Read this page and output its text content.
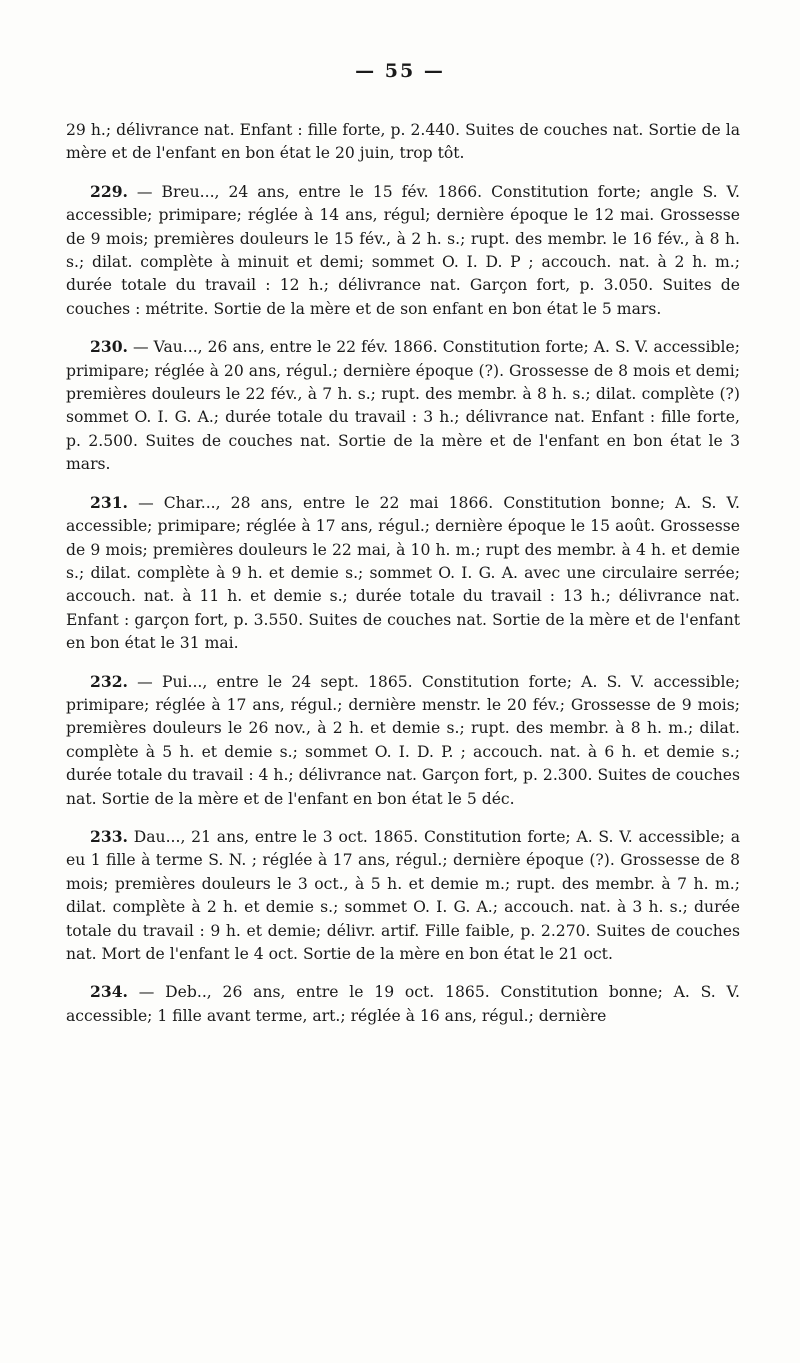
— 55 —

29 h.; délivrance nat. Enfant : fille forte, p. 2.440. Suites de couches nat. Sortie de la mère et de l'enfant en bon état le 20 juin, trop tôt.

229. — Breu..., 24 ans, entre le 15 fév. 1866. Constitution forte; angle S. V. accessible; primipare; réglée à 14 ans, régul; dernière époque le 12 mai. Grossesse de 9 mois; premières douleurs le 15 fév., à 2 h. s.; rupt. des membr. le 16 fév., à 8 h. s.; dilat. complète à minuit et demi; sommet O. I. D. P ; accouch. nat. à 2 h. m.; durée totale du travail : 12 h.; délivrance nat. Garçon fort, p. 3.050. Suites de couches : métrite. Sortie de la mère et de son enfant en bon état le 5 mars.

230. — Vau..., 26 ans, entre le 22 fév. 1866. Constitution forte; A. S. V. accessible; primipare; réglée à 20 ans, régul.; dernière époque (?). Grossesse de 8 mois et demi; premières douleurs le 22 fév., à 7 h. s.; rupt. des membr. à 8 h. s.; dilat. complète (?) sommet O. I. G. A.; durée totale du travail : 3 h.; délivrance nat. Enfant : fille forte, p. 2.500. Suites de couches nat. Sortie de la mère et de l'enfant en bon état le 3 mars.

231. — Char..., 28 ans, entre le 22 mai 1866. Constitution bonne; A. S. V. accessible; primipare; réglée à 17 ans, régul.; dernière époque le 15 août. Grossesse de 9 mois; premières douleurs le 22 mai, à 10 h. m.; rupt des membr. à 4 h. et demie s.; dilat. complète à 9 h. et demie s.; sommet O. I. G. A. avec une circulaire serrée; accouch. nat. à 11 h. et demie s.; durée totale du travail : 13 h.; délivrance nat. Enfant : garçon fort, p. 3.550. Suites de couches nat. Sortie de la mère et de l'enfant en bon état le 31 mai.

232. — Pui..., entre le 24 sept. 1865. Constitution forte; A. S. V. accessible; primipare; réglée à 17 ans, régul.; dernière menstr. le 20 fév.; Grossesse de 9 mois; premières douleurs le 26 nov., à 2 h. et demie s.; rupt. des membr. à 8 h. m.; dilat. complète à 5 h. et demie s.; sommet O. I. D. P. ; accouch. nat. à 6 h. et demie s.; durée totale du travail : 4 h.; délivrance nat. Garçon fort, p. 2.300. Suites de couches nat. Sortie de la mère et de l'enfant en bon état le 5 déc.

233. Dau..., 21 ans, entre le 3 oct. 1865. Constitution forte; A. S. V. accessible; a eu 1 fille à terme S. N. ; réglée à 17 ans, régul.; dernière époque (?). Grossesse de 8 mois; premières douleurs le 3 oct., à 5 h. et demie m.; rupt. des membr. à 7 h. m.; dilat. complète à 2 h. et demie s.; sommet O. I. G. A.; accouch. nat. à 3 h. s.; durée totale du travail : 9 h. et demie; délivr. artif. Fille faible, p. 2.270. Suites de couches nat. Mort de l'enfant le 4 oct. Sortie de la mère en bon état le 21 oct.

234. — Deb.., 26 ans, entre le 19 oct. 1865. Constitution bonne; A. S. V. accessible; 1 fille avant terme, art.; réglée à 16 ans, régul.; dernière
